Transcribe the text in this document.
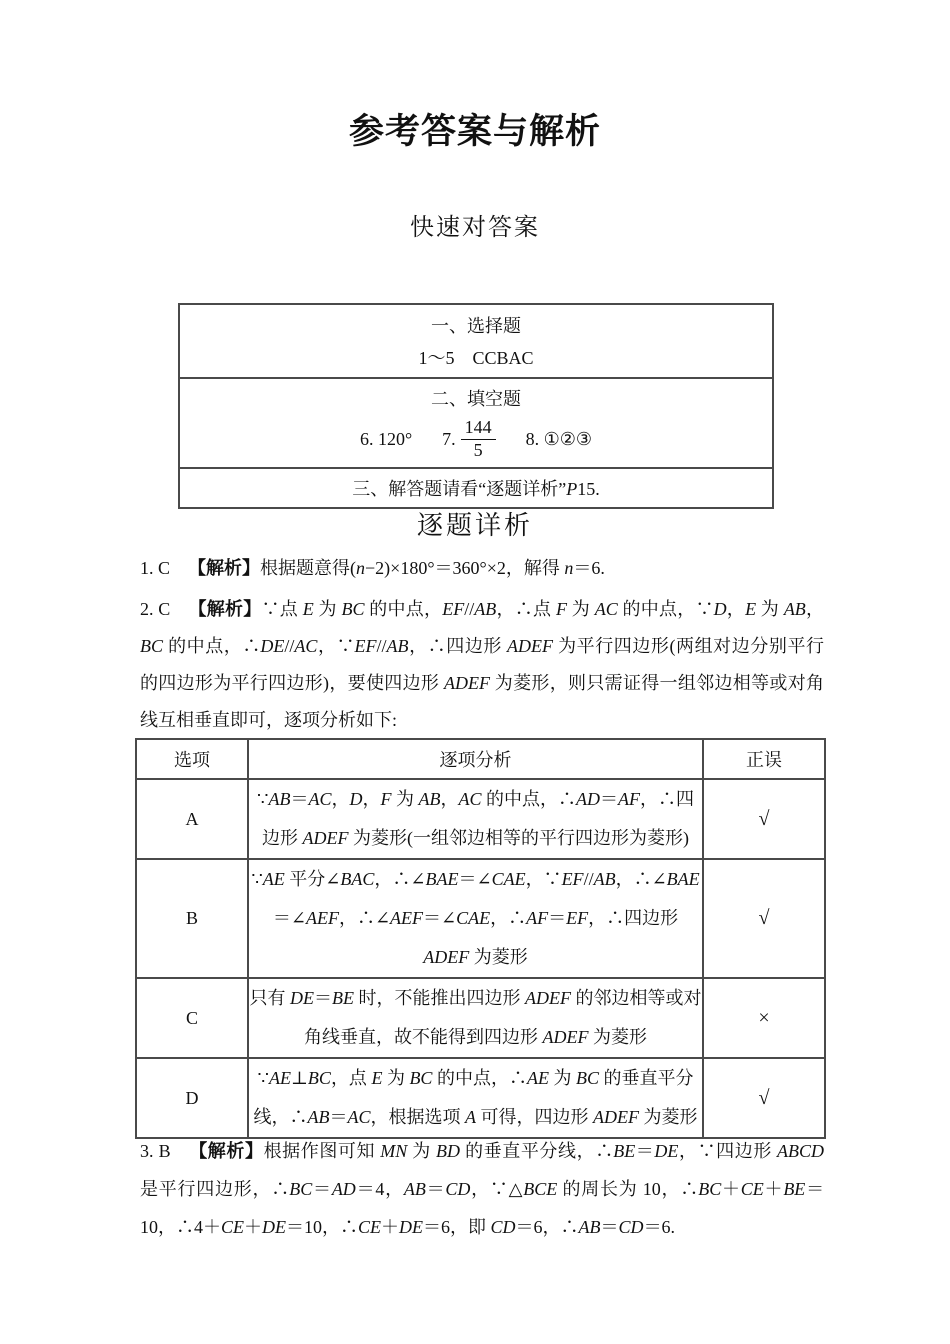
参考答案与解析
快速对答案
一、选择题
1～5　CCBAC
二、填空题
6. 120° 7. $\frac{144}{5} 8$. ①②③
三、解答题请看“逐题详析”P15.
逐题详析
1. C 【解析】根据题意得(n−2)×180°＝360°×2，解得 n＝6.
2. C 【解析】∵点 E 为 BC 的中点，EF//AB，∴点 F 为 AC 的中点，∵D，E 为 AB，BC 的中点，∴DE//AC，∵EF//AB，∴四边形 ADEF 为平行四边形(两组对边分别平行的四边形为平行四边形)，要使四边形 ADEF 为菱形，则只需证得一组邻边相等或对角线互相垂直即可，逐项分析如下:
选项	逐项分析	正误
A	∵AB＝AC，D，F 为 AB，AC 的中点，∴AD＝AF，∴四边形 ADEF 为菱形(一组邻边相等的平行四边形为菱形)	√
B	∵AE 平分∠BAC，∴∠BAE＝∠CAE，∵EF//AB，∴∠BAE＝∠AEF，∴∠AEF＝∠CAE，∴AF＝EF，∴四边形 ADEF 为菱形	√
C	只有 DE＝BE 时，不能推出四边形 ADEF 的邻边相等或对角线垂直，故不能得到四边形 ADEF 为菱形	×
D	∵AE⊥BC，点 E 为 BC 的中点，∴AE 为 BC 的垂直平分线，∴AB＝AC，根据选项 A 可得，四边形 ADEF 为菱形	√
3. B 【解析】根据作图可知 MN 为 BD 的垂直平分线，∴BE＝DE，∵四边形 ABCD 是平行四边形，∴BC＝AD＝4，AB＝CD，∵△BCE 的周长为 10，∴BC＋CE＋BE＝10，∴4＋CE＋DE＝10，∴CE＋DE＝6，即 CD＝6，∴AB＝CD＝6.
